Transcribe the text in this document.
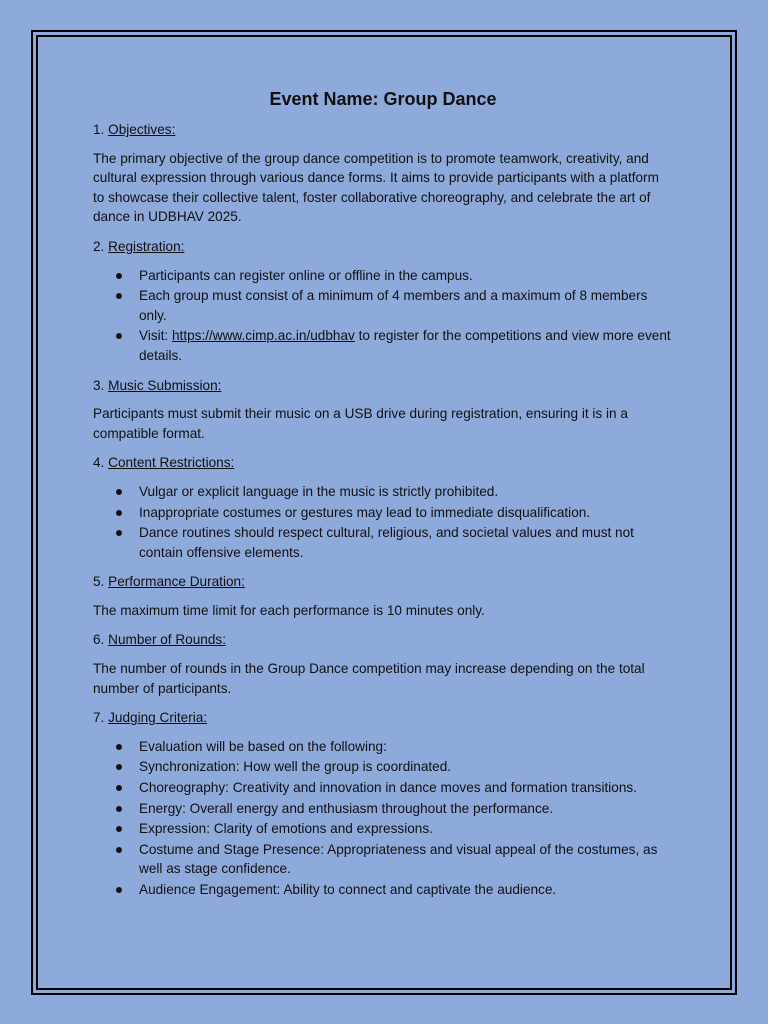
Event Name: Group Dance
1. Objectives:
The primary objective of the group dance competition is to promote teamwork, creativity, and cultural expression through various dance forms. It aims to provide participants with a platform to showcase their collective talent, foster collaborative choreography, and celebrate the art of dance in UDBHAV 2025.
2. Registration:
Participants can register online or offline in the campus.
Each group must consist of a minimum of 4 members and a maximum of 8 members only.
Visit: https://www.cimp.ac.in/udbhav to register for the competitions and view more event details.
3. Music Submission:
Participants must submit their music on a USB drive during registration, ensuring it is in a compatible format.
4. Content Restrictions:
Vulgar or explicit language in the music is strictly prohibited.
Inappropriate costumes or gestures may lead to immediate disqualification.
Dance routines should respect cultural, religious, and societal values and must not contain offensive elements.
5. Performance Duration:
The maximum time limit for each performance is 10 minutes only.
6. Number of Rounds:
The number of rounds in the Group Dance competition may increase depending on the total number of participants.
7. Judging Criteria:
Evaluation will be based on the following:
Synchronization: How well the group is coordinated.
Choreography: Creativity and innovation in dance moves and formation transitions.
Energy: Overall energy and enthusiasm throughout the performance.
Expression: Clarity of emotions and expressions.
Costume and Stage Presence: Appropriateness and visual appeal of the costumes, as well as stage confidence.
Audience Engagement: Ability to connect and captivate the audience.
